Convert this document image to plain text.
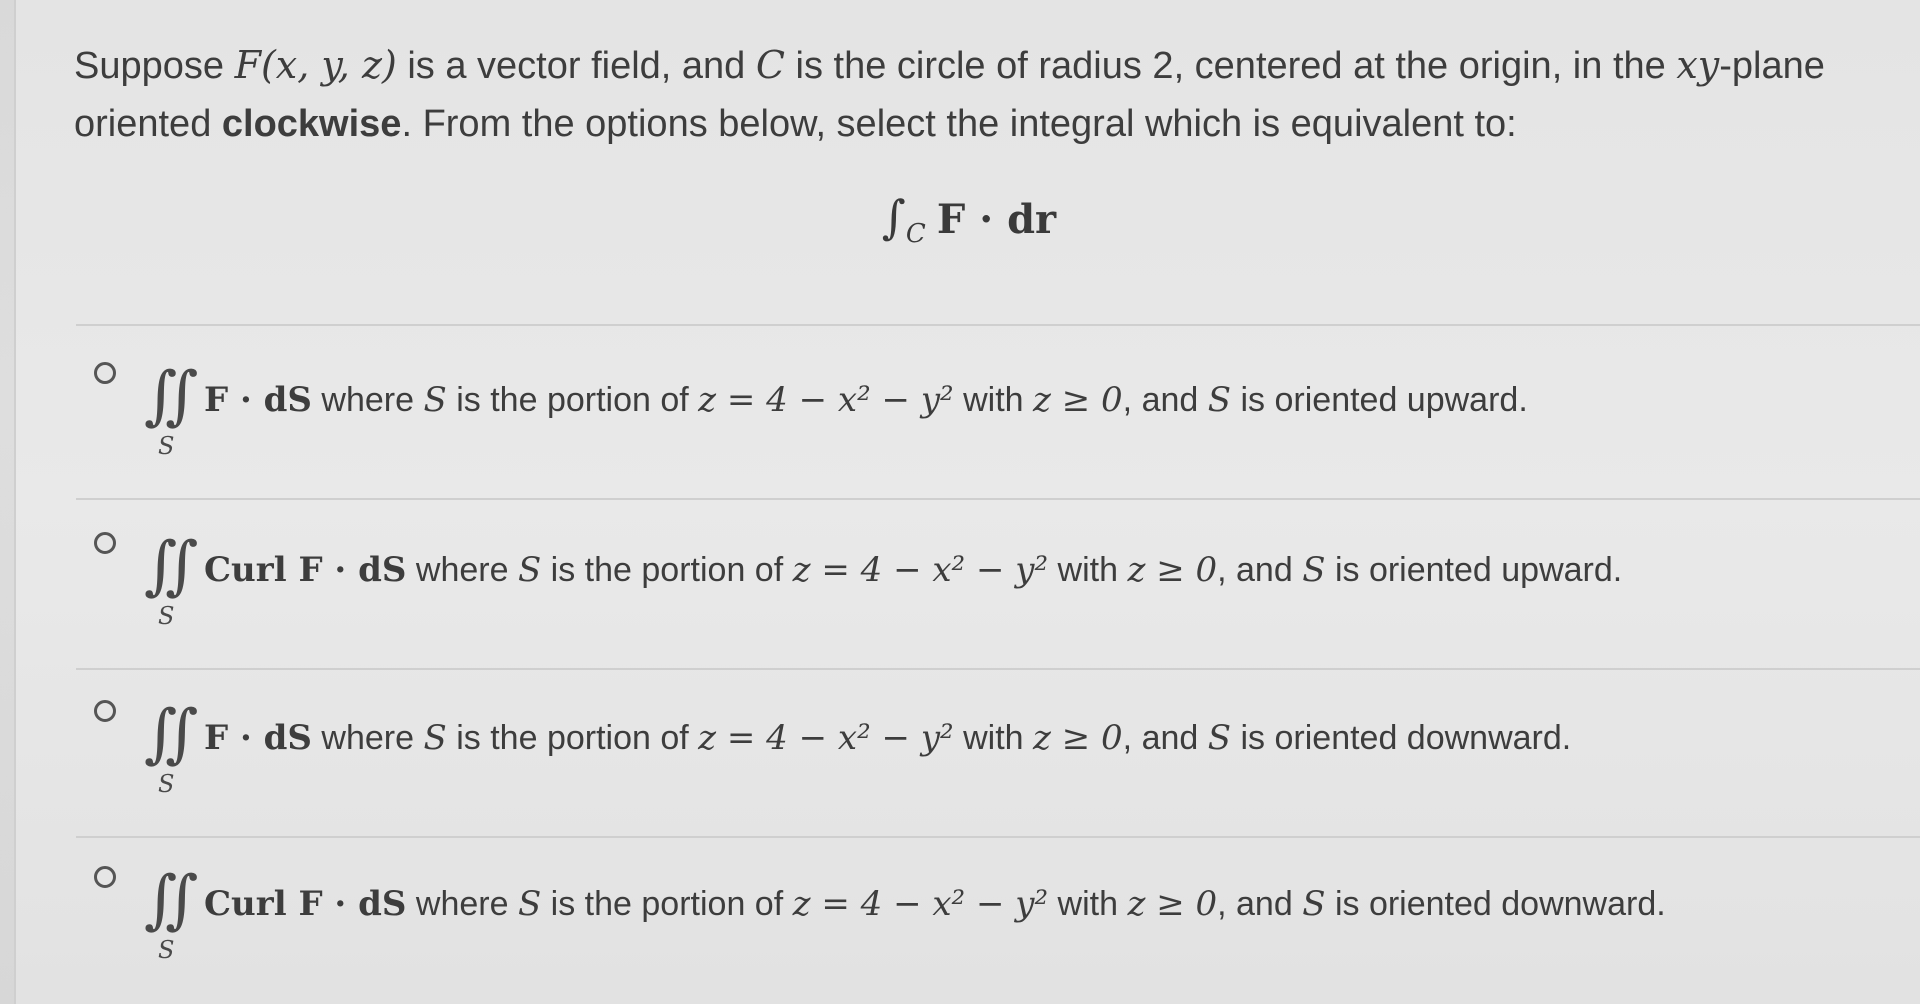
Suppose F(x, y, z) is a vector field, and C is the circle of radius 2, centered at the origin, in the xy-plane oriented clockwise. From the options below, select the integral which is equivalent to:
$\int_C$ F · dr
∬
S
F · dS where S is the portion of z = 4 − x² − y² with z ≥ 0, and S is oriented upward.
∬
S
Curl F · dS where S is the portion of z = 4 − x² − y² with z ≥ 0, and S is oriented upward.
∬
S
F · dS where S is the portion of z = 4 − x² − y² with z ≥ 0, and S is oriented downward.
∬
S
Curl F · dS where S is the portion of z = 4 − x² − y² with z ≥ 0, and S is oriented downward.
